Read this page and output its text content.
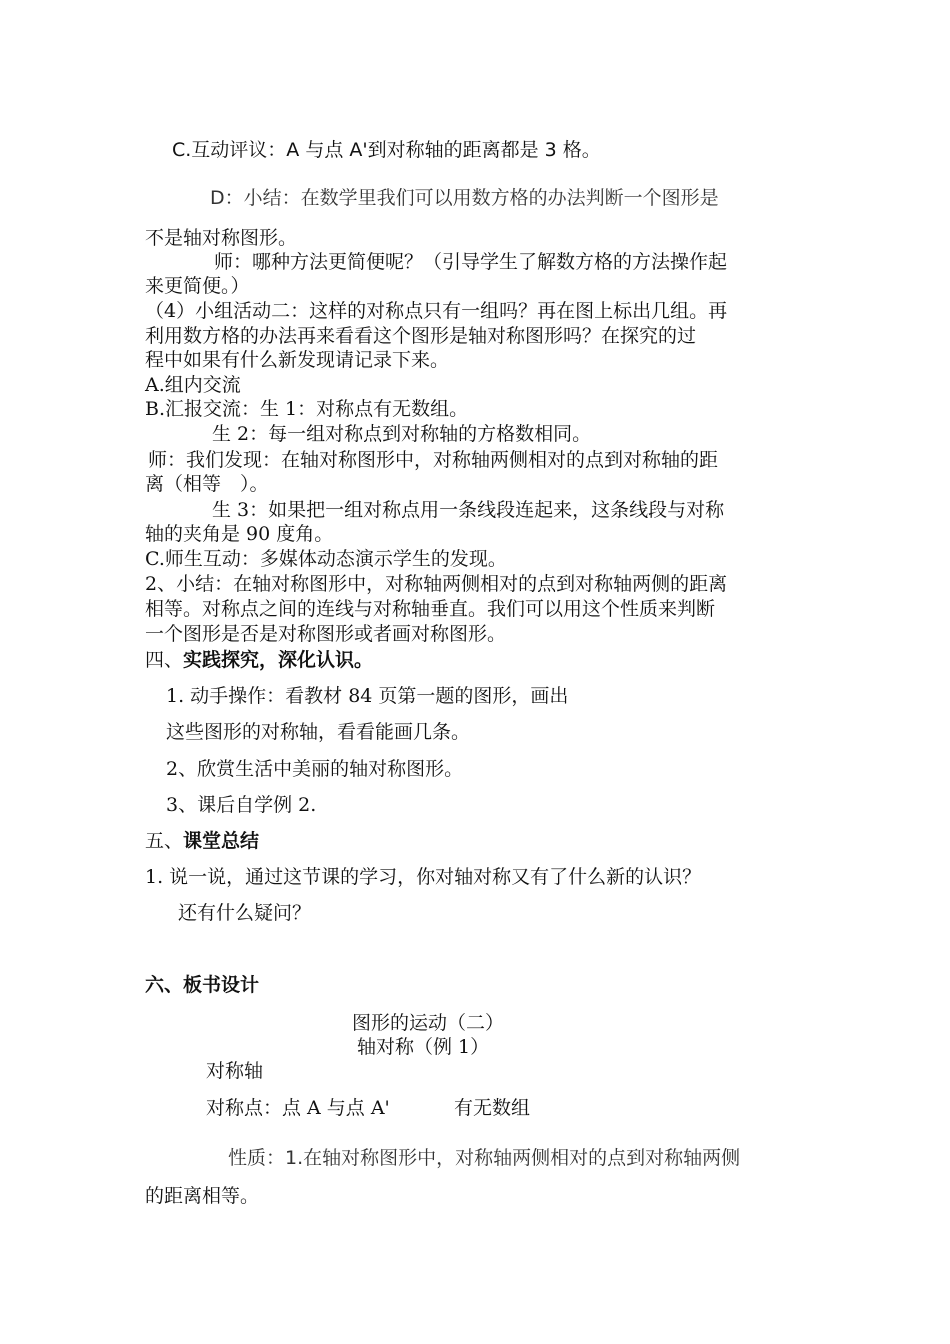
C.互动评议：A 与点 A'到对称轴的距离都是 3 格。
D：小结：在数学里我们可以用数方格的办法判断一个图形是
不是轴对称图形。
师：哪种方法更简便呢？（引导学生了解数方格的方法操作起
来更简便。）
（4）小组活动二：这样的对称点只有一组吗？再在图上标出几组。再
利用数方格的办法再来看看这个图形是轴对称图形吗？在探究的过
程中如果有什么新发现请记录下来。
A.组内交流
B.汇报交流：生 1：对称点有无数组。
生 2：每一组对称点到对称轴的方格数相同。
师：我们发现：在轴对称图形中，对称轴两侧相对的点到对称轴的距
离（相等　）。
生 3：如果把一组对称点用一条线段连起来，这条线段与对称
轴的夹角是 90 度角。
C.师生互动：多媒体动态演示学生的发现。
2、小结：在轴对称图形中，对称轴两侧相对的点到对称轴两侧的距离
相等。对称点之间的连线与对称轴垂直。我们可以用这个性质来判断
一个图形是否是对称图形或者画对称图形。
四、实践探究，深化认识。
1. 动手操作：看教材 84 页第一题的图形，画出
这些图形的对称轴，看看能画几条。
2、欣赏生活中美丽的轴对称图形。
3、课后自学例 2.
五、课堂总结
1. 说一说，通过这节课的学习，你对轴对称又有了什么新的认识？
还有什么疑问？
六、板书设计
图形的运动（二）
轴对称（例 1）
对称轴
对称点：点 A 与点 A'	有无数组
性质：1.在轴对称图形中，对称轴两侧相对的点到对称轴两侧
的距离相等。
